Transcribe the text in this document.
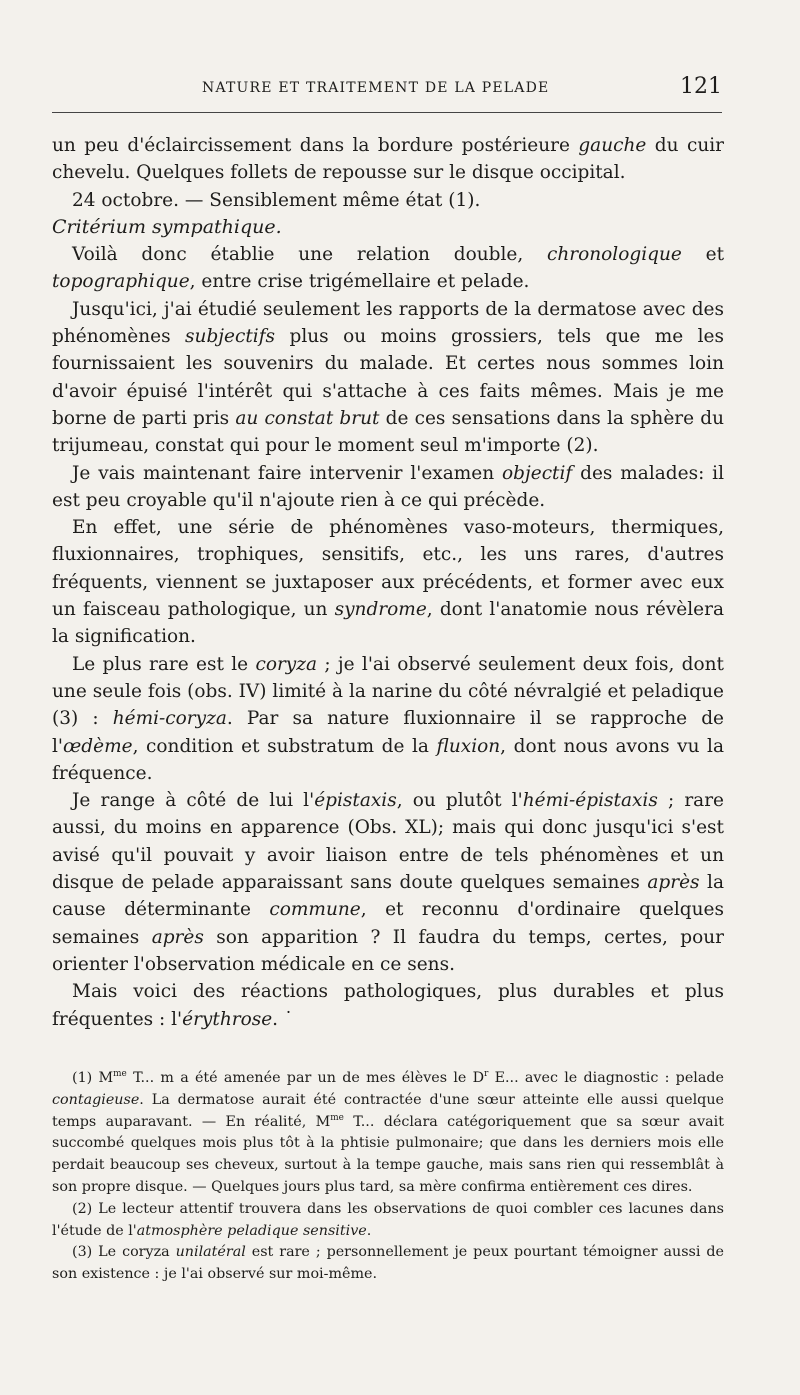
NATURE ET TRAITEMENT DE LA PELADE	121

un peu d'éclaircissement dans la bordure postérieure gauche du cuir chevelu. Quelques follets de repousse sur le disque occipital.

24 octobre. — Sensiblement même état (1).

Critérium sympathique.

Voilà donc établie une relation double, chronologique et topographique, entre crise trigémellaire et pelade.

Jusqu'ici, j'ai étudié seulement les rapports de la dermatose avec des phénomènes subjectifs plus ou moins grossiers, tels que me les fournissaient les souvenirs du malade. Et certes nous sommes loin d'avoir épuisé l'intérêt qui s'attache à ces faits mêmes. Mais je me borne de parti pris au constat brut de ces sensations dans la sphère du trijumeau, constat qui pour le moment seul m'importe (2).

Je vais maintenant faire intervenir l'examen objectif des malades: il est peu croyable qu'il n'ajoute rien à ce qui précède.

En effet, une série de phénomènes vaso-moteurs, thermiques, fluxionnaires, trophiques, sensitifs, etc., les uns rares, d'autres fréquents, viennent se juxtaposer aux précédents, et former avec eux un faisceau pathologique, un syndrome, dont l'anatomie nous révèlera la signification.

Le plus rare est le coryza ; je l'ai observé seulement deux fois, dont une seule fois (obs. IV) limité à la narine du côté névralgié et peladique (3) : hémi-coryza. Par sa nature fluxionnaire il se rapproche de l'œdème, condition et substratum de la fluxion, dont nous avons vu la fréquence.

Je range à côté de lui l'épistaxis, ou plutôt l'hémi-épistaxis ; rare aussi, du moins en apparence (Obs. XL); mais qui donc jusqu'ici s'est avisé qu'il pouvait y avoir liaison entre de tels phénomènes et un disque de pelade apparaissant sans doute quelques semaines après la cause déterminante commune, et reconnu d'ordinaire quelques semaines après son apparition ? Il faudra du temps, certes, pour orienter l'observation médicale en ce sens.

Mais voici des réactions pathologiques, plus durables et plus fréquentes : l'érythrose. ˙

(1) $M^{me}$ T... m a été amenée par un de mes élèves le $D^r$ E... avec le diagnostic : pelade contagieuse. La dermatose aurait été contractée d'une sœur atteinte elle aussi quelque temps auparavant. — En réalité, $M^{me}$ T... déclara catégoriquement que sa sœur avait succombé quelques mois plus tôt à la phtisie pulmonaire; que dans les derniers mois elle perdait beaucoup ses cheveux, surtout à la tempe gauche, mais sans rien qui ressemblât à son propre disque. — Quelques jours plus tard, sa mère confirma entièrement ces dires.

(2) Le lecteur attentif trouvera dans les observations de quoi combler ces lacunes dans l'étude de l'atmosphère peladique sensitive.

(3) Le coryza unilatéral est rare ; personnellement je peux pourtant témoigner aussi de son existence : je l'ai observé sur moi-même.
